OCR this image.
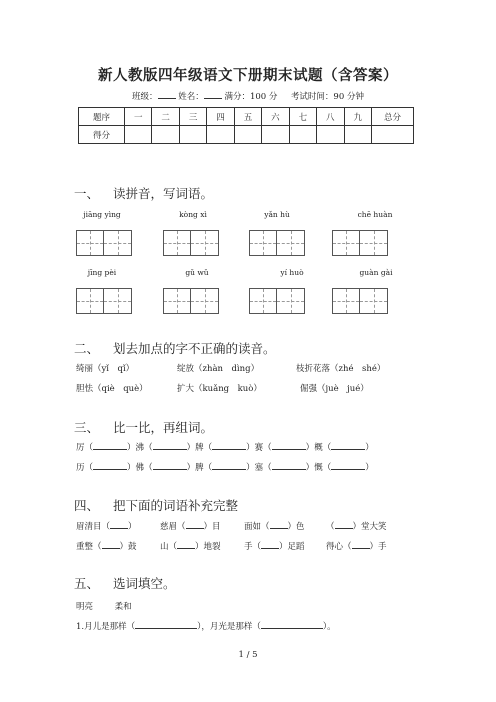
新人教版四年级语文下册期末试题（含答案）
班级： 姓名： 满分：100 分 考试时间：90 分钟
题序	一	二	三	四	五	六	七	八	九	总分
得分										
一、 读拼音，写词语。
jiāng yìng	kòng xì	yǎn hù	chē huàn
jīng pèi	gǔ wǔ	yí huò	guàn gài
二、 划去加点的字不正确的读音。
绮丽（yǐ　qǐ）	绽放（zhàn　dìng）	枝折花落（zhé　shé）
胆怯（qiè　què）	扩大（kuǎng　kuò）	倔强（juè　jué）
三、 比一比，再组词。
厉（	）沸（	）牌（	）赛（	）概（	）
历（	）佛（	）脾（	）塞（	）慨（	）
四、 把下面的词语补充完整
眉清目（ ）	慈眉（ ）目	面如（ ）色	（ ）堂大笑
重整（ ）鼓	山（ ）地裂	手（ ）足蹈	得心（ ）手
五、 选词填空。
明亮	柔和
1.月儿是那样（	），月光是那样（	）。
1 / 5
